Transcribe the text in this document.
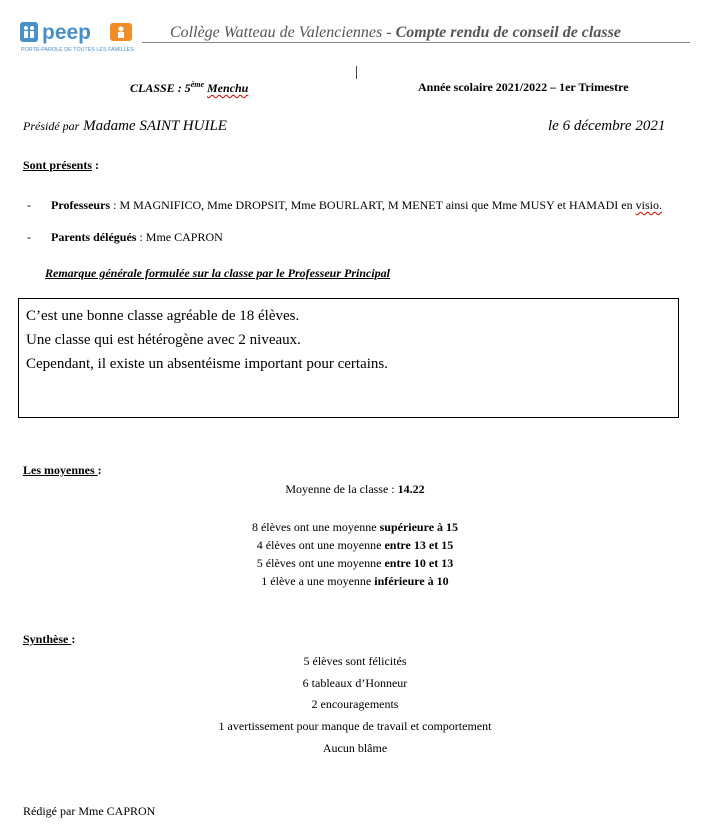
peep
PORTE-PAROLE DE TOUTES LES FAMILLES
Collège Watteau de Valenciennes - Compte rendu de conseil de classe
|
CLASSE : 5ème Menchu	Année scolaire 2021/2022 – 1er Trimestre
Présidé par Madame SAINT HUILE	le 6 décembre 2021
Sont présents :
- Professeurs : M MAGNIFICO, Mme DROPSIT, Mme BOURLART, M MENET ainsi que Mme MUSY et HAMADI en visio.
- Parents délégués : Mme CAPRON
Remarque générale formulée sur la classe par le Professeur Principal

C’est une bonne classe agréable de 18 élèves.

Une classe qui est hétérogène avec 2 niveaux.

Cependant, il existe un absentéisme important pour certains.

Les moyennes :
Moyenne de la classe : 14.22
8 élèves ont une moyenne supérieure à 15
4 élèves ont une moyenne entre 13 et 15
5 élèves ont une moyenne entre 10 et 13
1 élève a une moyenne inférieure à 10
Synthèse :
5 élèves sont félicités
6 tableaux d’Honneur
2 encouragements
1 avertissement pour manque de travail et comportement
Aucun blâme
Rédigé par Mme CAPRON
